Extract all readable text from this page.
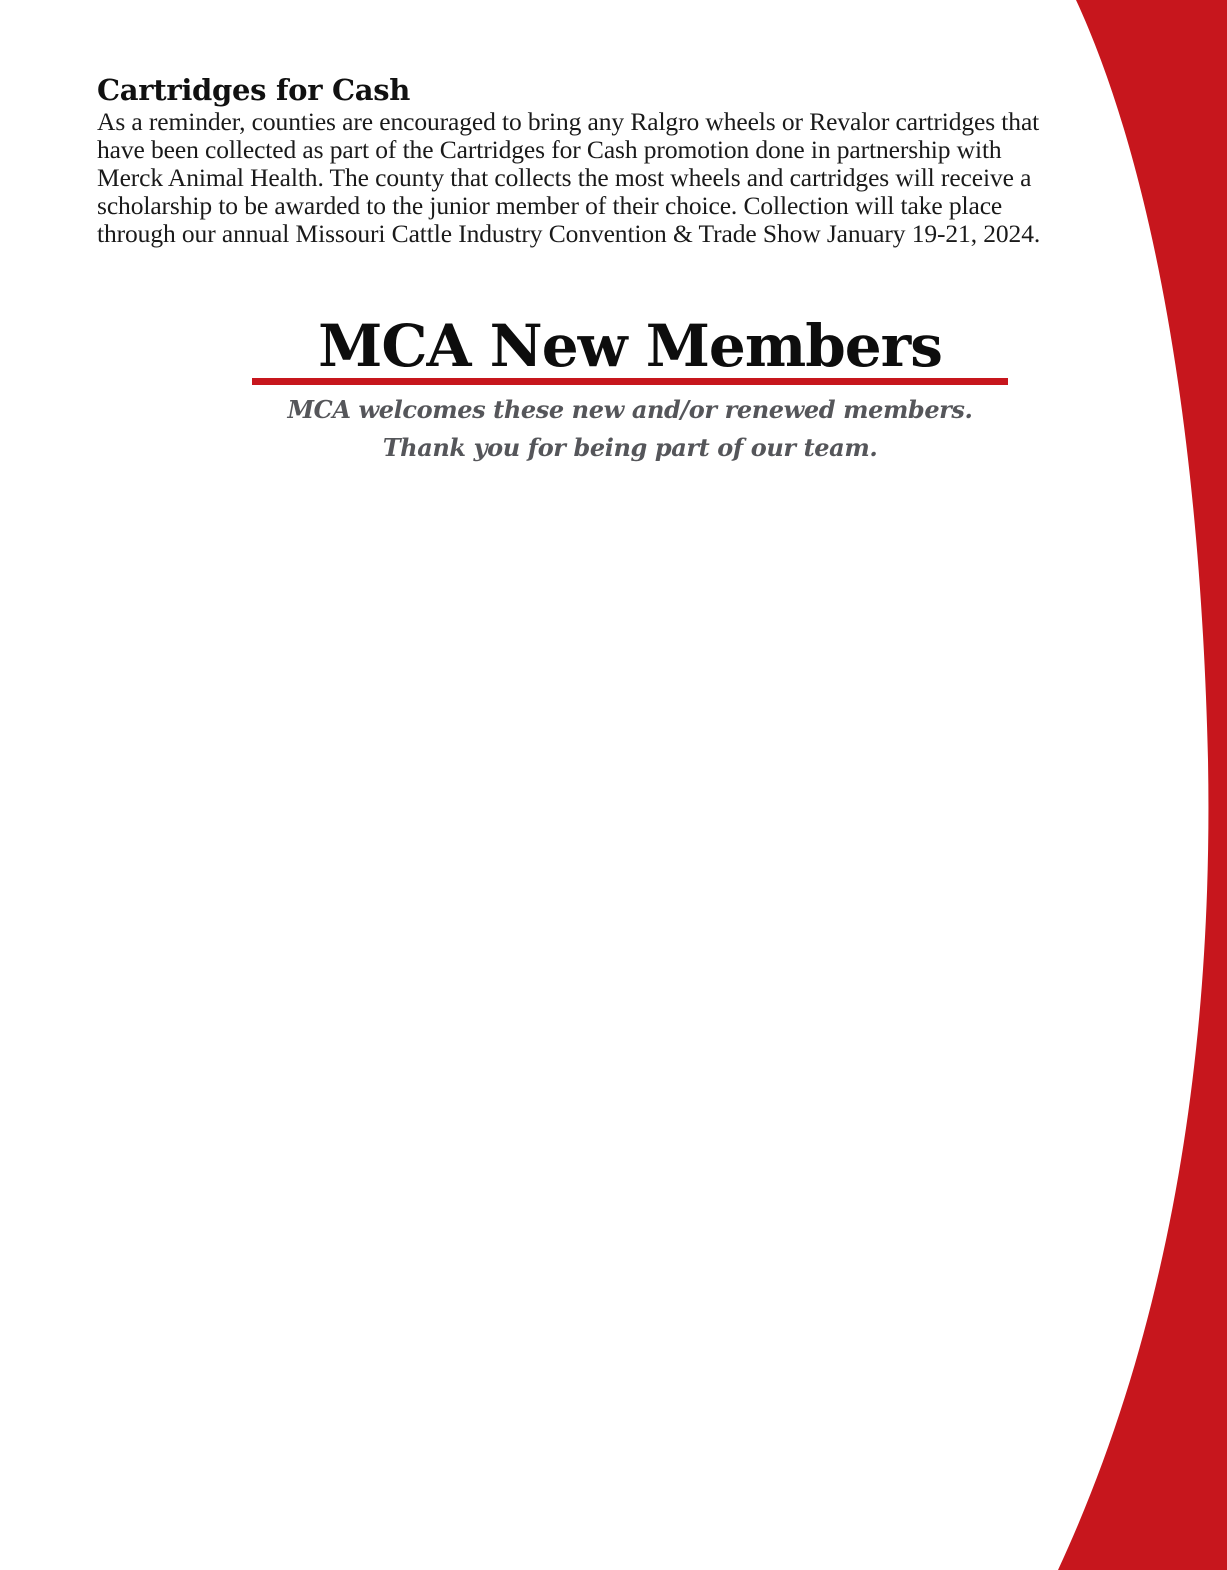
Cartridges for Cash

As a reminder, counties are encouraged to bring any Ralgro wheels or Revalor cartridges that have been collected as part of the Cartridges for Cash promotion done in partnership with Merck Animal Health. The county that collects the most wheels and cartridges will receive a scholarship to be awarded to the junior member of their choice. Collection will take place through our annual Missouri Cattle Industry Convention & Trade Show January 19-21, 2024.

MCA New Members

MCA welcomes these new and/or renewed members.
Thank you for being part of our team.
